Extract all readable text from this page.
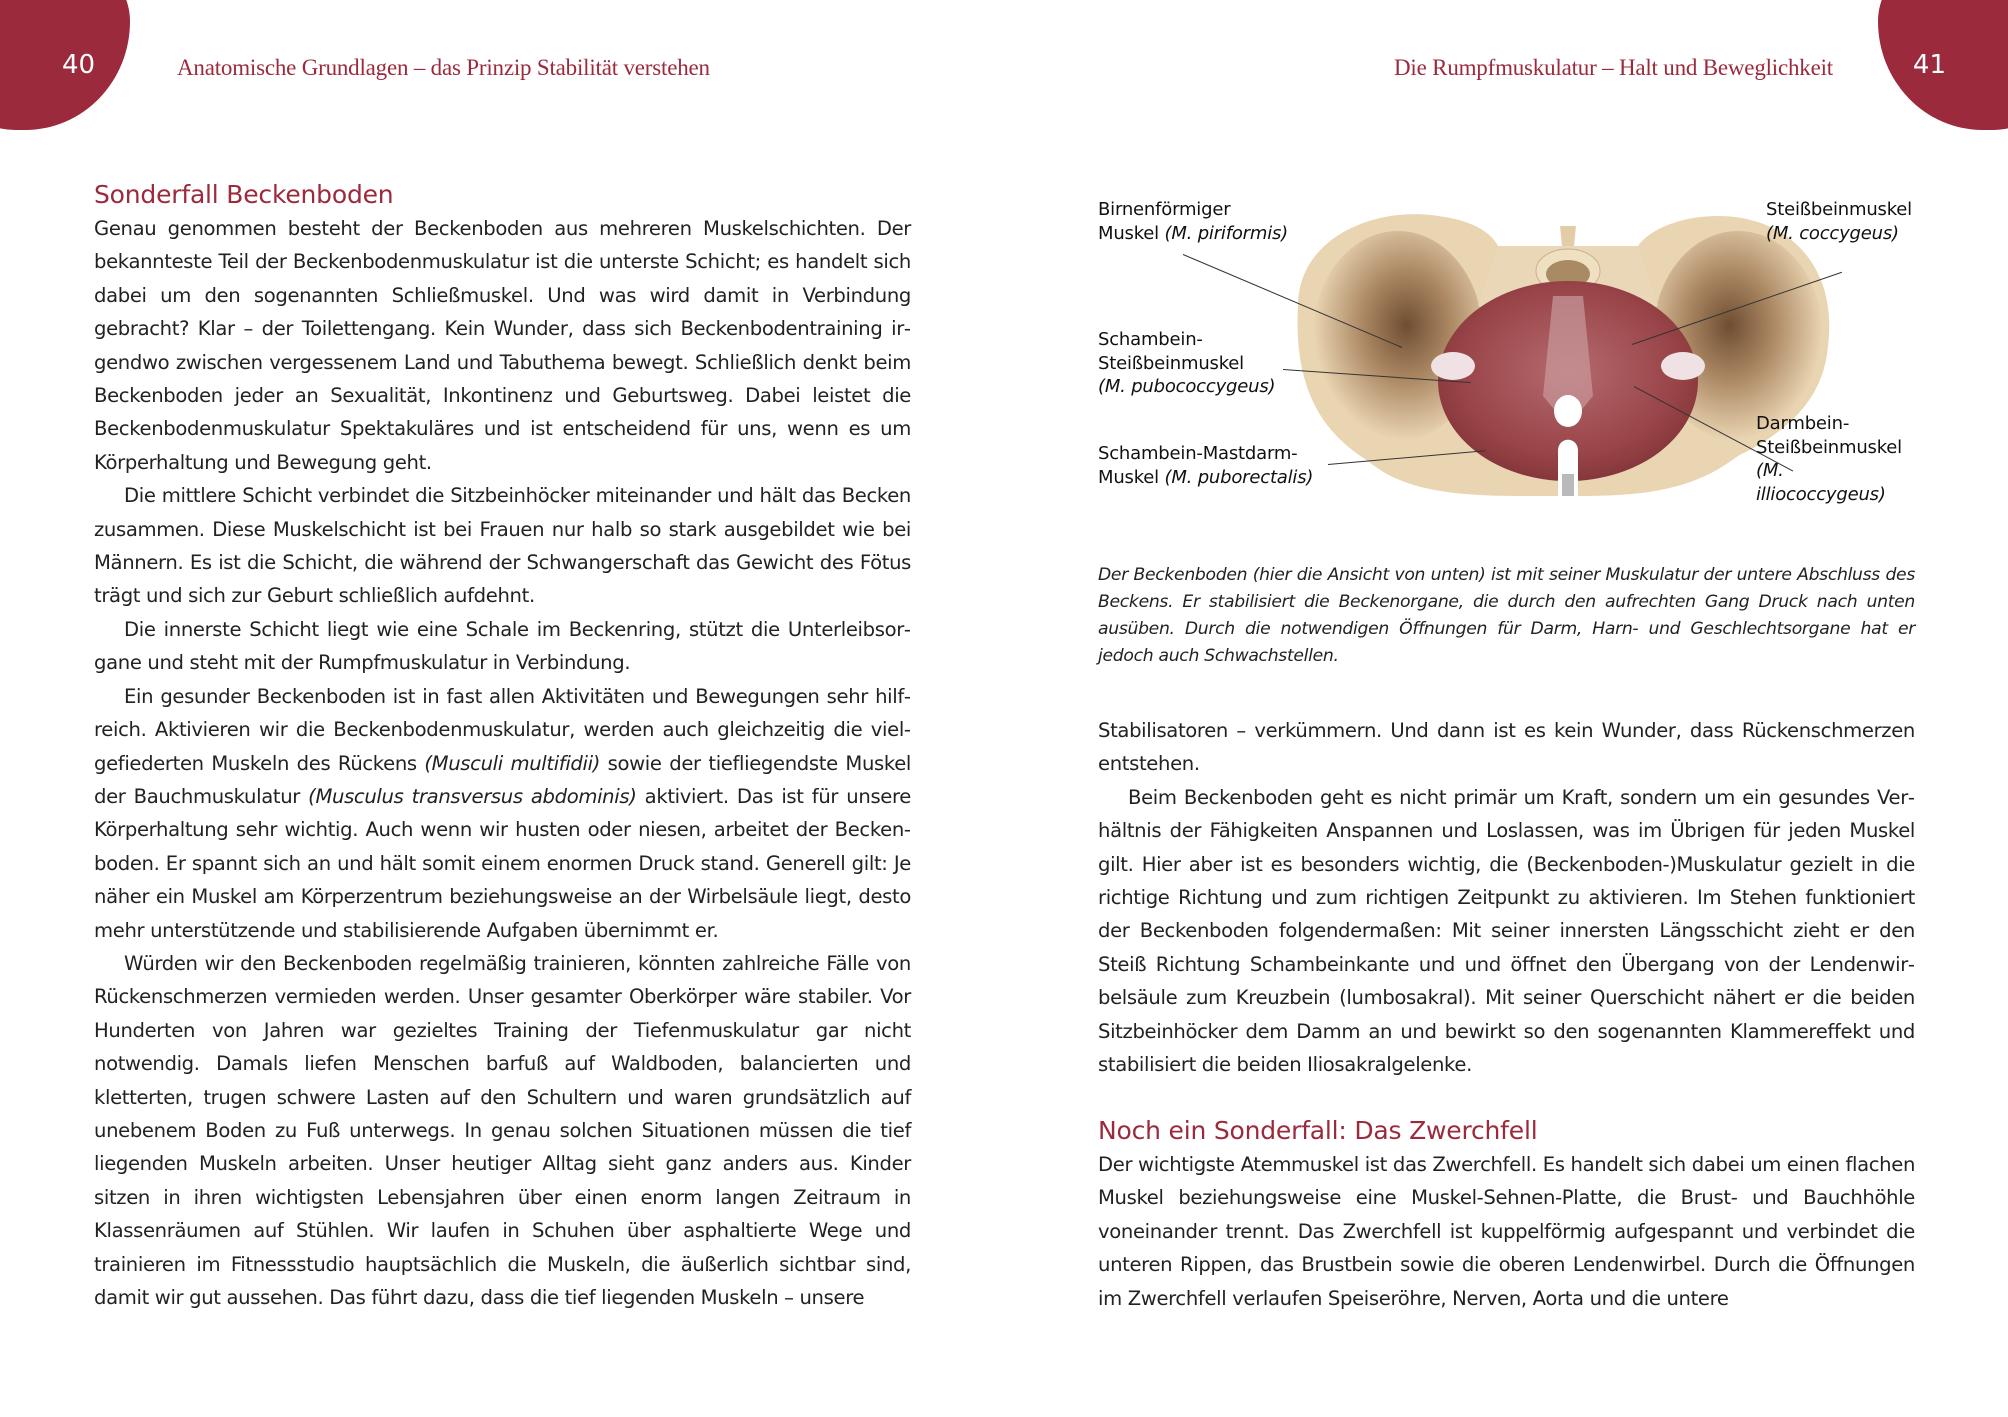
40	Anatomische Grundlagen – das Prinzip Stabilität verstehen
Sonderfall Beckenboden

Genau genommen besteht der Beckenboden aus mehreren Muskelschichten. Der bekannteste Teil der Beckenbodenmuskulatur ist die unterste Schicht; es handelt sich dabei um den sogenannten Schließmuskel. Und was wird damit in Verbindung gebracht? Klar – der Toilettengang. Kein Wunder, dass sich Beckenbodentraining irgendwo zwischen vergessenem Land und Tabuthema bewegt. Schließlich denkt beim Beckenboden jeder an Sexualität, Inkontinenz und Geburtsweg. Dabei leistet die Beckenbodenmuskulatur Spektakuläres und ist entscheidend für uns, wenn es um Körperhaltung und Bewegung geht.

Die mittlere Schicht verbindet die Sitzbeinhöcker miteinander und hält das Becken zusammen. Diese Muskelschicht ist bei Frauen nur halb so stark ausgebildet wie bei Männern. Es ist die Schicht, die während der Schwangerschaft das Gewicht des Fötus trägt und sich zur Geburt schließlich aufdehnt.

Die innerste Schicht liegt wie eine Schale im Beckenring, stützt die Unterleibsorgane und steht mit der Rumpfmuskulatur in Verbindung.

Ein gesunder Beckenboden ist in fast allen Aktivitäten und Bewegungen sehr hilfreich. Aktivieren wir die Beckenbodenmuskulatur, werden auch gleichzeitig die vielgefiederten Muskeln des Rückens (Musculi multifidii) sowie der tiefliegendste Muskel der Bauchmuskulatur (Musculus transversus abdominis) aktiviert. Das ist für unsere Körperhaltung sehr wichtig. Auch wenn wir husten oder niesen, arbeitet der Beckenboden. Er spannt sich an und hält somit einem enormen Druck stand. Generell gilt: Je näher ein Muskel am Körperzentrum beziehungsweise an der Wirbelsäule liegt, desto mehr unterstützende und stabilisierende Aufgaben übernimmt er.

Würden wir den Beckenboden regelmäßig trainieren, könnten zahlreiche Fälle von Rückenschmerzen vermieden werden. Unser gesamter Oberkörper wäre stabiler. Vor Hunderten von Jahren war gezieltes Training der Tiefenmuskulatur gar nicht notwendig. Damals liefen Menschen barfuß auf Waldboden, balancierten und kletterten, trugen schwere Lasten auf den Schultern und waren grundsätzlich auf unebenem Boden zu Fuß unterwegs. In genau solchen Situationen müssen die tief liegenden Muskeln arbeiten. Unser heutiger Alltag sieht ganz anders aus. Kinder sitzen in ihren wichtigsten Lebensjahren über einen enorm langen Zeitraum in Klassenräumen auf Stühlen. Wir laufen in Schuhen über asphaltierte Wege und trainieren im Fitnessstudio hauptsächlich die Muskeln, die äußerlich sichtbar sind, damit wir gut aussehen. Das führt dazu, dass die tief liegenden Muskeln – unsere

41
Die Rumpfmuskulatur – Halt und Beweglichkeit
Birnenförmiger
Muskel (M. piriformis)
Schambein-
Steißbeinmuskel
(M. pubococcygeus)
Schambein-Mastdarm-
Muskel (M. puborectalis)
Steißbeinmuskel
(M. coccygeus)
Darmbein-
Steißbeinmuskel
(M. illiococcygeus)
Der Beckenboden (hier die Ansicht von unten) ist mit seiner Muskulatur der untere Abschluss des Beckens. Er stabilisiert die Beckenorgane, die durch den aufrechten Gang Druck nach unten ausüben. Durch die notwendigen Öffnungen für Darm, Harn- und Geschlechtsorgane hat er jedoch auch Schwachstellen.

Stabilisatoren – verkümmern. Und dann ist es kein Wunder, dass Rückenschmerzen entstehen.

Beim Beckenboden geht es nicht primär um Kraft, sondern um ein gesundes Verhältnis der Fähigkeiten Anspannen und Loslassen, was im Übrigen für jeden Muskel gilt. Hier aber ist es besonders wichtig, die (Beckenboden-)Muskulatur gezielt in die richtige Richtung und zum richtigen Zeitpunkt zu aktivieren. Im Stehen funktioniert der Beckenboden folgendermaßen: Mit seiner innersten Längsschicht zieht er den Steiß Richtung Schambeinkante und und öffnet den Übergang von der Lendenwirbelsäule zum Kreuzbein (lumbosakral). Mit seiner Querschicht nähert er die beiden Sitzbeinhöcker dem Damm an und bewirkt so den sogenannten Klammereffekt und stabilisiert die beiden Iliosakralgelenke.

Noch ein Sonderfall: Das Zwerchfell

Der wichtigste Atemmuskel ist das Zwerchfell. Es handelt sich dabei um einen flachen Muskel beziehungsweise eine Muskel-Sehnen-Platte, die Brust- und Bauchhöhle voneinander trennt. Das Zwerchfell ist kuppelförmig aufgespannt und verbindet die unteren Rippen, das Brustbein sowie die oberen Lendenwirbel. Durch die Öffnungen im Zwerchfell verlaufen Speiseröhre, Nerven, Aorta und die untere
